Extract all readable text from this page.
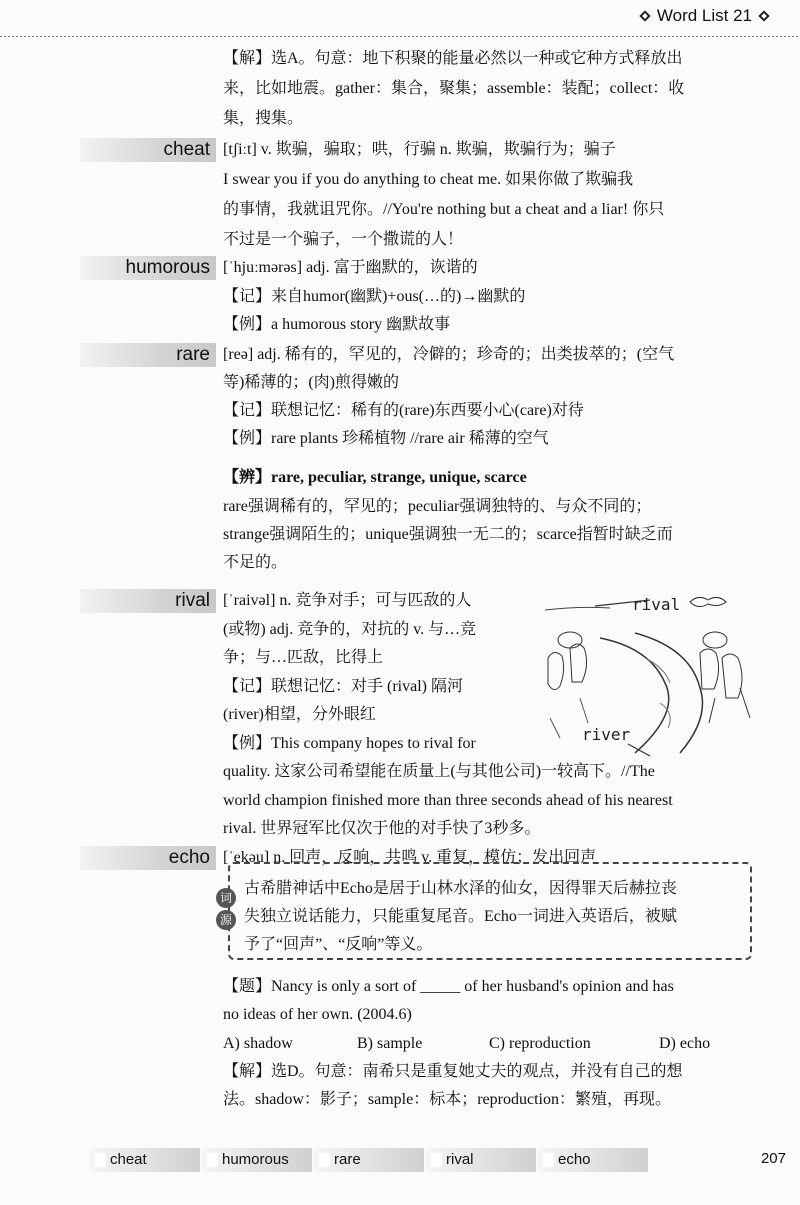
Word List 21
【解】选A。句意：地下积聚的能量必然以一种或它种方式释放出
来，比如地震。gather：集合，聚集；assemble：装配；collect：收
集，搜集。
cheat [tʃiːt] v. 欺骗，骗取；哄，行骗 n. 欺骗，欺骗行为；骗子
I swear you if you do anything to cheat me. 如果你做了欺骗我
的事情，我就诅咒你。//You're nothing but a cheat and a liar! 你只
不过是一个骗子，一个撒谎的人！
humorous [ˈhjuːmərəs] adj. 富于幽默的，诙谐的
【记】来自humor(幽默)+ous(…的)→幽默的
【例】a humorous story 幽默故事
rare [reə] adj. 稀有的，罕见的，冷僻的；珍奇的；出类拔萃的；(空气
等)稀薄的；(肉)煎得嫩的
【记】联想记忆：稀有的(rare)东西要小心(care)对待
【例】rare plants 珍稀植物 //rare air 稀薄的空气
【辨】rare, peculiar, strange, unique, scarce
rare强调稀有的，罕见的；peculiar强调独特的、与众不同的；
strange强调陌生的；unique强调独一无二的；scarce指暂时缺乏而
不足的。
rival [ˈraivəl] n. 竞争对手；可与匹敌的人
(或物) adj. 竞争的，对抗的 v. 与…竞
争；与…匹敌，比得上
【记】联想记忆：对手 (rival) 隔河
(river)相望，分外眼红
【例】This company hopes to rival for
quality. 这家公司希望能在质量上(与其他公司)一较高下。//The
world champion finished more than three seconds ahead of his nearest
rival. 世界冠军比仅次于他的对手快了3秒多。
rival
river
echo [ˈekəu] n. 回声，反响，共鸣 v. 重复，模仿；发出回声
词
源
古希腊神话中Echo是居于山林水泽的仙女，因得罪天后赫拉丧
失独立说话能力，只能重复尾音。Echo一词进入英语后，被赋
予了“回声”、“反响”等义。
【题】Nancy is only a sort of _____ of her husband's opinion and has
no ideas of her own. (2004.6)
A) shadow	B) sample	C) reproduction	D) echo
【解】选D。句意：南希只是重复她丈夫的观点，并没有自己的想
法。shadow：影子；sample：标本；reproduction：繁殖，再现。
cheat	humorous	rare	rival	echo	207
